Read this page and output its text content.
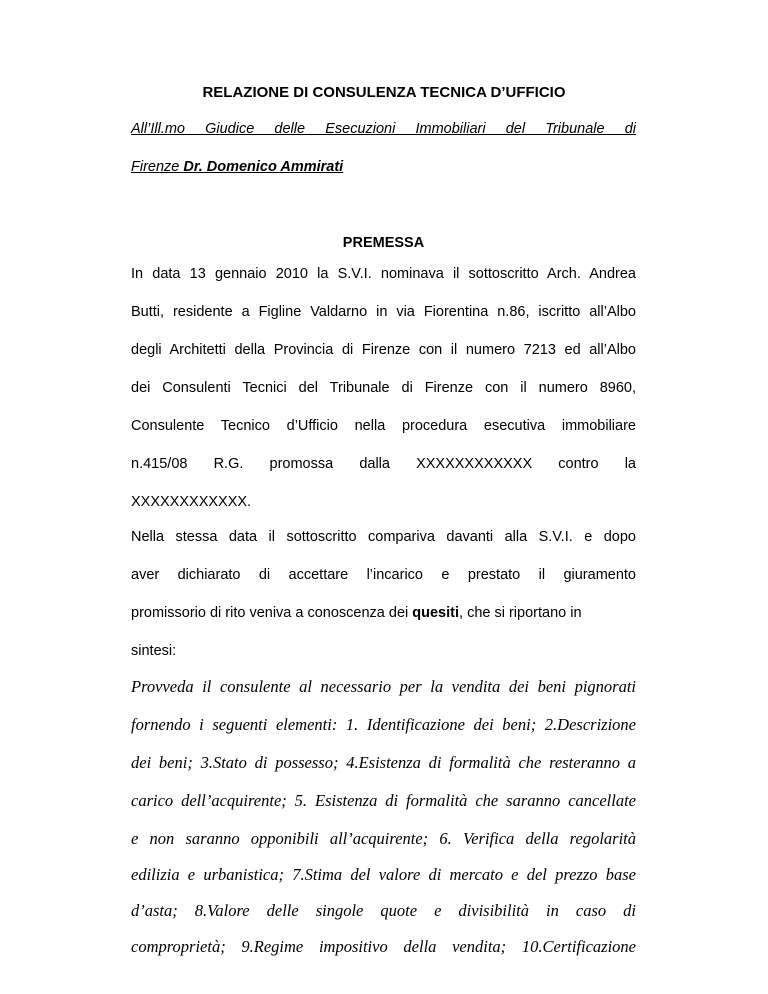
RELAZIONE DI CONSULENZA TECNICA D’UFFICIO

All’Ill.mo Giudice delle Esecuzioni Immobiliari del Tribunale di

Firenze Dr. Domenico Ammirati

PREMESSA

In data 13 gennaio 2010 la S.V.I. nominava il sottoscritto Arch. Andrea

Butti, residente a Figline Valdarno in via Fiorentina n.86, iscritto all’Albo

degli Architetti della Provincia di Firenze con il numero 7213 ed all’Albo

dei Consulenti Tecnici del Tribunale di Firenze con il numero 8960,

Consulente Tecnico d’Ufficio nella procedura esecutiva immobiliare

n.415/08 R.G. promossa dalla XXXXXXXXXXXX contro la

XXXXXXXXXXXX.

Nella stessa data il sottoscritto compariva davanti alla S.V.I. e dopo

aver dichiarato di accettare l’incarico e prestato il giuramento

promissorio di rito veniva a conoscenza dei quesiti, che si riportano in

sintesi:

Provveda il consulente al necessario per la vendita dei beni pignorati

fornendo i seguenti elementi: 1. Identificazione dei beni; 2.Descrizione

dei beni; 3.Stato di possesso; 4.Esistenza di formalità che resteranno a

carico dell’acquirente; 5. Esistenza di formalità che saranno cancellate

e non saranno opponibili all’acquirente; 6. Verifica della regolarità

edilizia e urbanistica; 7.Stima del valore di mercato e del prezzo base

d’asta; 8.Valore delle singole quote e divisibilità in caso di

comproprietà; 9.Regime impositivo della vendita; 10.Certificazione
